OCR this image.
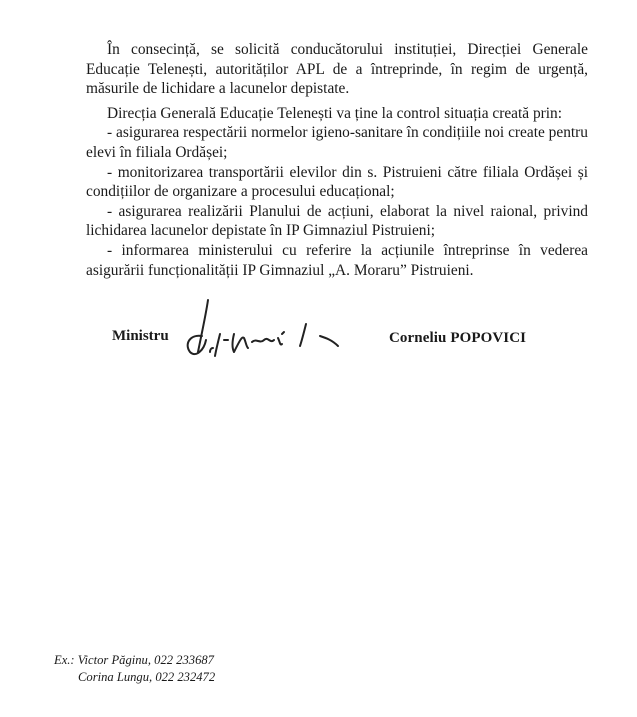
În consecință, se solicită conducătorului instituției, Direcției Generale Educație Telenești, autorităților APL de a întreprinde, în regim de urgență, măsurile de lichidare a lacunelor depistate.

Direcția Generală Educație Telenești va ține la control situația creată prin:

- asigurarea respectării normelor igieno-sanitare în condițiile noi create pentru elevi în filiala Ordășei;

- monitorizarea transportării elevilor din s. Pistruieni către filiala Ordășei și condițiilor de organizare a procesului educațional;

- asigurarea realizării Planului de acțiuni, elaborat la nivel raional, privind lichidarea lacunelor depistate în IP Gimnaziul Pistruieni;

- informarea ministerului cu referire la acțiunile întreprinse în vederea asigurării funcționalității IP Gimnaziul „A. Moraru” Pistruieni.

Ministru	Corneliu POPOVICI
Ex.: Victor Păginu, 022 233687
Corina Lungu, 022 232472
